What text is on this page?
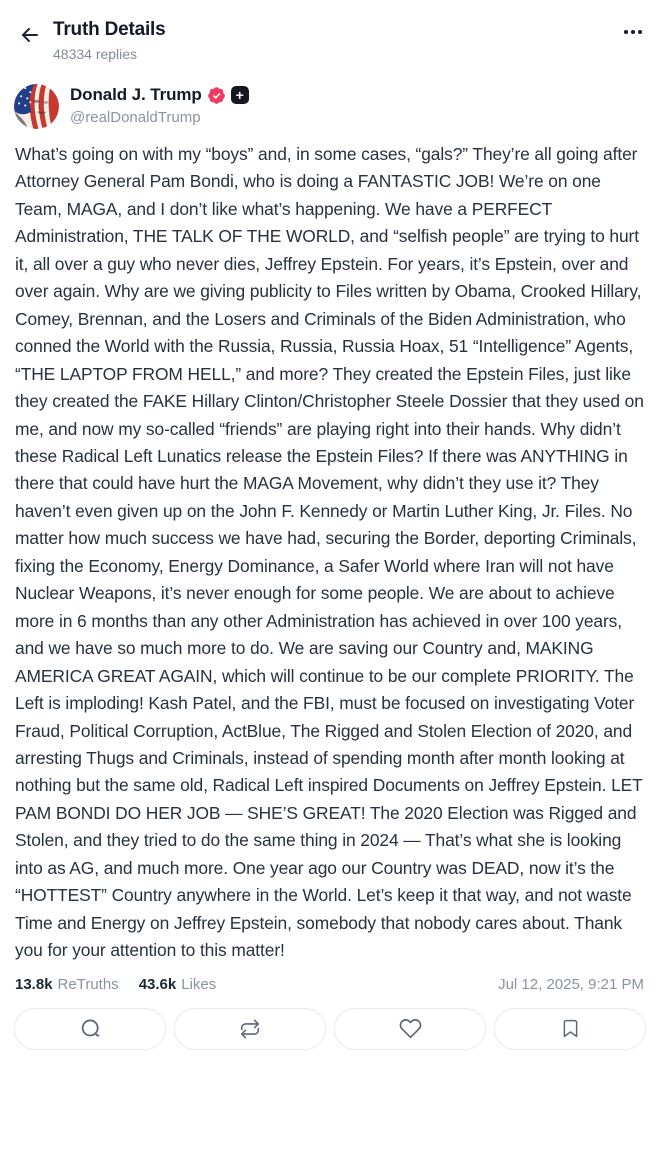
Truth Details
48334 replies
Donald J. Trump	+
@realDonaldTrump
What’s going on with my “boys” and, in some cases, “gals?” They’re all going after Attorney General Pam Bondi, who is doing a FANTASTIC JOB! We’re on one Team, MAGA, and I don’t like what’s happening. We have a PERFECT Administration, THE TALK OF THE WORLD, and “selfish people” are trying to hurt it, all over a guy who never dies, Jeffrey Epstein. For years, it’s Epstein, over and over again. Why are we giving publicity to Files written by Obama, Crooked Hillary, Comey, Brennan, and the Losers and Criminals of the Biden Administration, who conned the World with the Russia, Russia, Russia Hoax, 51 “Intelligence” Agents, “THE LAPTOP FROM HELL,” and more? They created the Epstein Files, just like they created the FAKE Hillary Clinton/Christopher Steele Dossier that they used on me, and now my so-called “friends” are playing right into their hands. Why didn’t these Radical Left Lunatics release the Epstein Files? If there was ANYTHING in there that could have hurt the MAGA Movement, why didn’t they use it? They haven’t even given up on the John F. Kennedy or Martin Luther King, Jr. Files. No matter how much success we have had, securing the Border, deporting Criminals, fixing the Economy, Energy Dominance, a Safer World where Iran will not have Nuclear Weapons, it’s never enough for some people. We are about to achieve more in 6 months than any other Administration has achieved in over 100 years, and we have so much more to do. We are saving our Country and, MAKING AMERICA GREAT AGAIN, which will continue to be our complete PRIORITY. The Left is imploding! Kash Patel, and the FBI, must be focused on investigating Voter Fraud, Political Corruption, ActBlue, The Rigged and Stolen Election of 2020, and arresting Thugs and Criminals, instead of spending month after month looking at nothing but the same old, Radical Left inspired Documents on Jeffrey Epstein. LET PAM BONDI DO HER JOB — SHE’S GREAT! The 2020 Election was Rigged and Stolen, and they tried to do the same thing in 2024 — That’s what she is looking into as AG, and much more. One year ago our Country was DEAD, now it’s the “HOTTEST” Country anywhere in the World. Let’s keep it that way, and not waste Time and Energy on Jeffrey Epstein, somebody that nobody cares about. Thank you for your attention to this matter!
13.8k ReTruths 43.6k Likes	Jul 12, 2025, 9:21 PM
